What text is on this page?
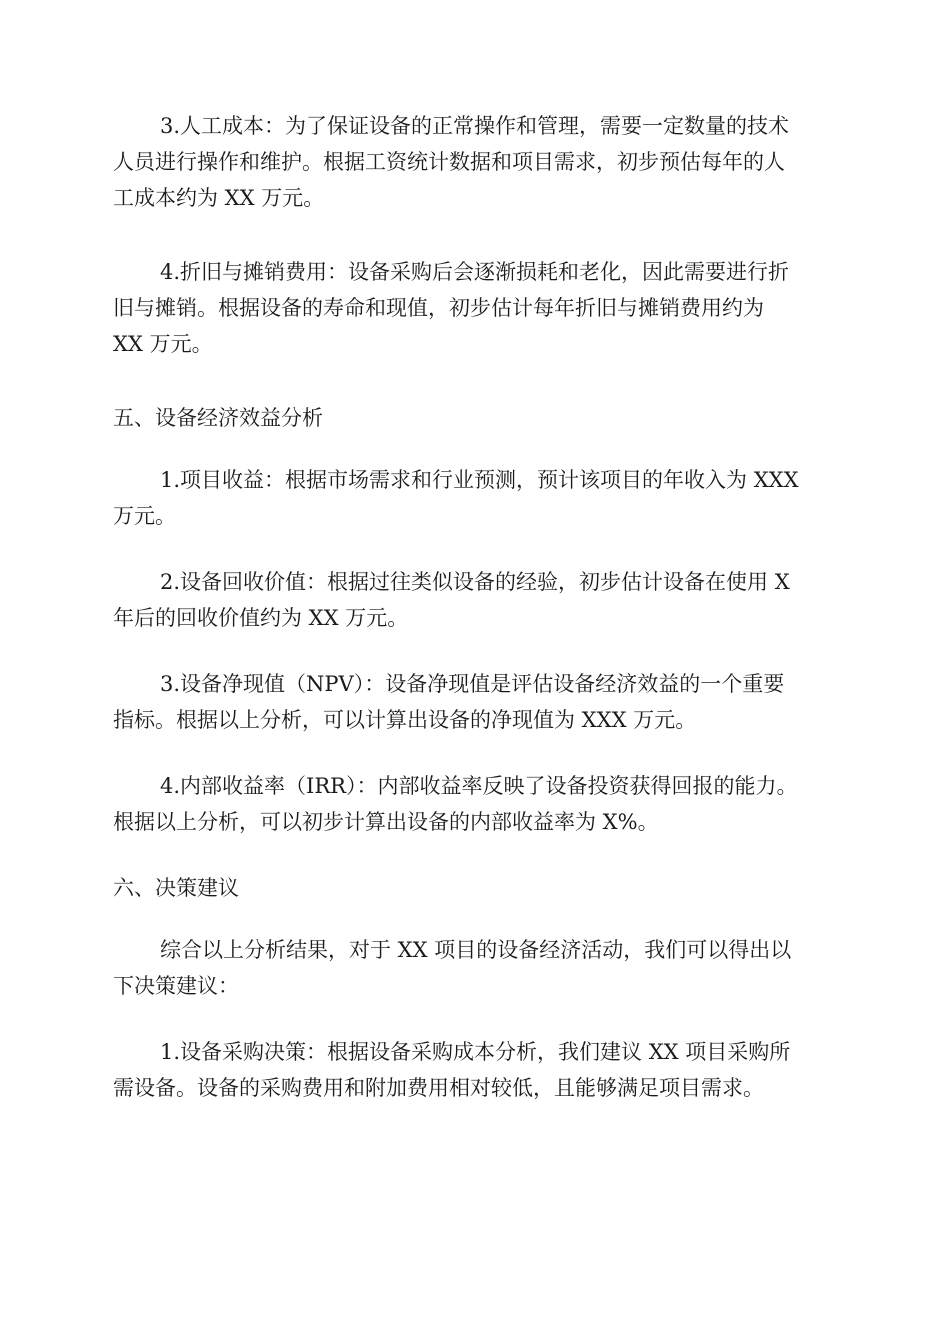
3.人工成本：为了保证设备的正常操作和管理，需要一定数量的技术
人员进行操作和维护。根据工资统计数据和项目需求，初步预估每年的人
工成本约为 XX 万元。

4.折旧与摊销费用：设备采购后会逐渐损耗和老化，因此需要进行折
旧与摊销。根据设备的寿命和现值，初步估计每年折旧与摊销费用约为
XX 万元。

五、设备经济效益分析

1.项目收益：根据市场需求和行业预测，预计该项目的年收入为 XXX
万元。

2.设备回收价值：根据过往类似设备的经验，初步估计设备在使用 X
年后的回收价值约为 XX 万元。

3.设备净现值（NPV）：设备净现值是评估设备经济效益的一个重要
指标。根据以上分析，可以计算出设备的净现值为 XXX 万元。

4.内部收益率（IRR）：内部收益率反映了设备投资获得回报的能力。
根据以上分析，可以初步计算出设备的内部收益率为 X%。

六、决策建议

综合以上分析结果，对于 XX 项目的设备经济活动，我们可以得出以
下决策建议：

1.设备采购决策：根据设备采购成本分析，我们建议 XX 项目采购所
需设备。设备的采购费用和附加费用相对较低，且能够满足项目需求。
